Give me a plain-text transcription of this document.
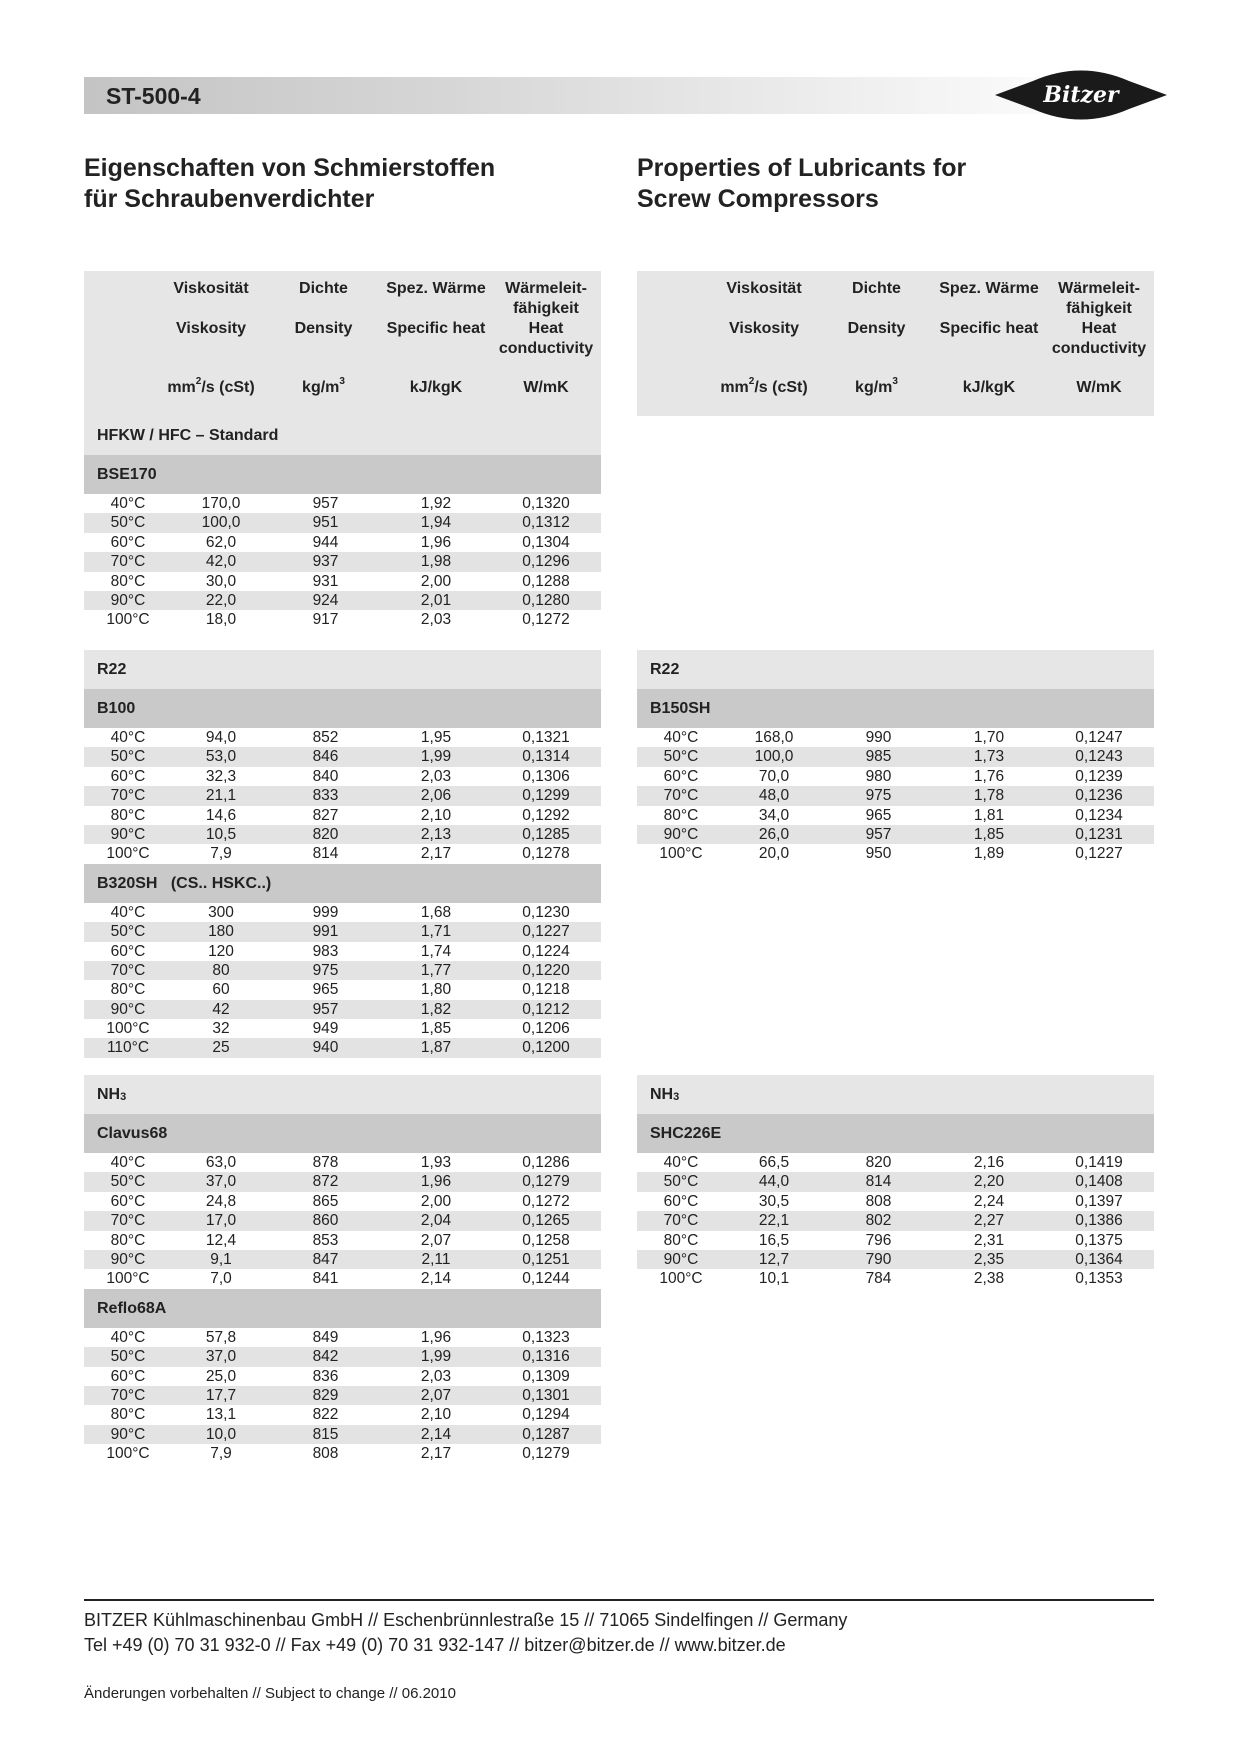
ST-500-4	Bitzer
Eigenschaften von Schmierstoffen
für Schraubenverdichter
Properties of Lubricants for
Screw Compressors
Viskosität	Dichte	Spez. Wärme	Wärmeleit-
fähigkeit
Viskosity	Density	Specific heat	Heat
conductivity
$mm^2/s$ (cSt)	$kg/m^3$	kJ/kgK	W/mK
Viskosität	Dichte	Spez. Wärme	Wärmeleit-
fähigkeit
Viskosity	Density	Specific heat	Heat
conductivity
$mm^2/s$ (cSt)	$kg/m^3$	kJ/kgK	W/mK
HFKW / HFC – Standard
BSE170
40°C	170,0	957	1,92	0,1320
50°C	100,0	951	1,94	0,1312
60°C	62,0	944	1,96	0,1304
70°C	42,0	937	1,98	0,1296
80°C	30,0	931	2,00	0,1288
90°C	22,0	924	2,01	0,1280
100°C	18,0	917	2,03	0,1272
R22
B100
40°C	94,0	852	1,95	0,1321
50°C	53,0	846	1,99	0,1314
60°C	32,3	840	2,03	0,1306
70°C	21,1	833	2,06	0,1299
80°C	14,6	827	2,10	0,1292
90°C	10,5	820	2,13	0,1285
100°C	7,9	814	2,17	0,1278
B320SH   (CS.. HSKC..)
40°C	300	999	1,68	0,1230
50°C	180	991	1,71	0,1227
60°C	120	983	1,74	0,1224
70°C	80	975	1,77	0,1220
80°C	60	965	1,80	0,1218
90°C	42	957	1,82	0,1212
100°C	32	949	1,85	0,1206
110°C	25	940	1,87	0,1200
R22
B150SH
40°C	168,0	990	1,70	0,1247
50°C	100,0	985	1,73	0,1243
60°C	70,0	980	1,76	0,1239
70°C	48,0	975	1,78	0,1236
80°C	34,0	965	1,81	0,1234
90°C	26,0	957	1,85	0,1231
100°C	20,0	950	1,89	0,1227
$NH_3$
Clavus68
40°C	63,0	878	1,93	0,1286
50°C	37,0	872	1,96	0,1279
60°C	24,8	865	2,00	0,1272
70°C	17,0	860	2,04	0,1265
80°C	12,4	853	2,07	0,1258
90°C	9,1	847	2,11	0,1251
100°C	7,0	841	2,14	0,1244
Reflo68A
40°C	57,8	849	1,96	0,1323
50°C	37,0	842	1,99	0,1316
60°C	25,0	836	2,03	0,1309
70°C	17,7	829	2,07	0,1301
80°C	13,1	822	2,10	0,1294
90°C	10,0	815	2,14	0,1287
100°C	7,9	808	2,17	0,1279
$NH_3$
SHC226E
40°C	66,5	820	2,16	0,1419
50°C	44,0	814	2,20	0,1408
60°C	30,5	808	2,24	0,1397
70°C	22,1	802	2,27	0,1386
80°C	16,5	796	2,31	0,1375
90°C	12,7	790	2,35	0,1364
100°C	10,1	784	2,38	0,1353
BITZER Kühlmaschinenbau GmbH // Eschenbrünnlestraße 15 // 71065 Sindelfingen // Germany
Tel +49 (0) 70 31 932-0 // Fax +49 (0) 70 31 932-147 // bitzer@bitzer.de // www.bitzer.de
Änderungen vorbehalten // Subject to change // 06.2010
